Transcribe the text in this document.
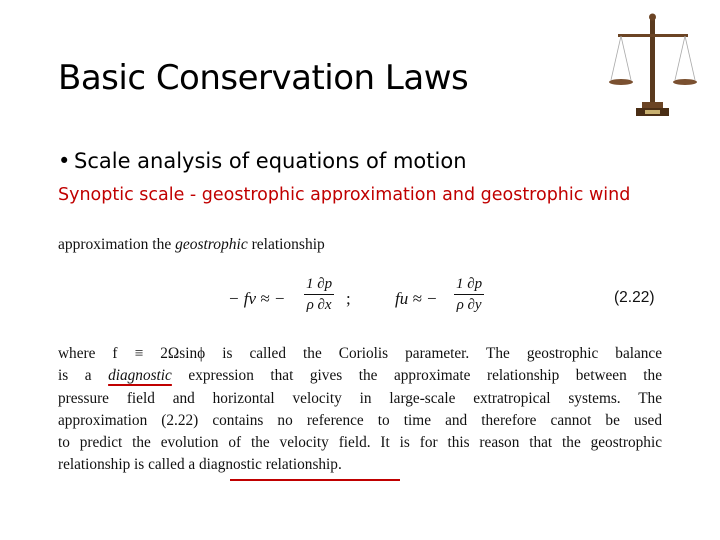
Basic Conservation Laws
• Scale analysis of equations of motion
Synoptic scale - geostrophic approximation and geostrophic wind
approximation the geostrophic relationship
− fv ≈ − $\frac{1 \partial p}{\rho \partial x}$ ;	fu ≈ − $\frac{1 \partial p}{\rho \partial y}$	(2.22)
where f ≡ 2Ωsinϕ is called the Coriolis parameter. The geostrophic balance
is a diagnostic expression that gives the approximate relationship between the
pressure field and horizontal velocity in large-scale extratropical systems. The
approximation (2.22) contains no reference to time and therefore cannot be used
to predict the evolution of the velocity field. It is for this reason that the geostrophic
relationship is called a diagnostic relationship.
